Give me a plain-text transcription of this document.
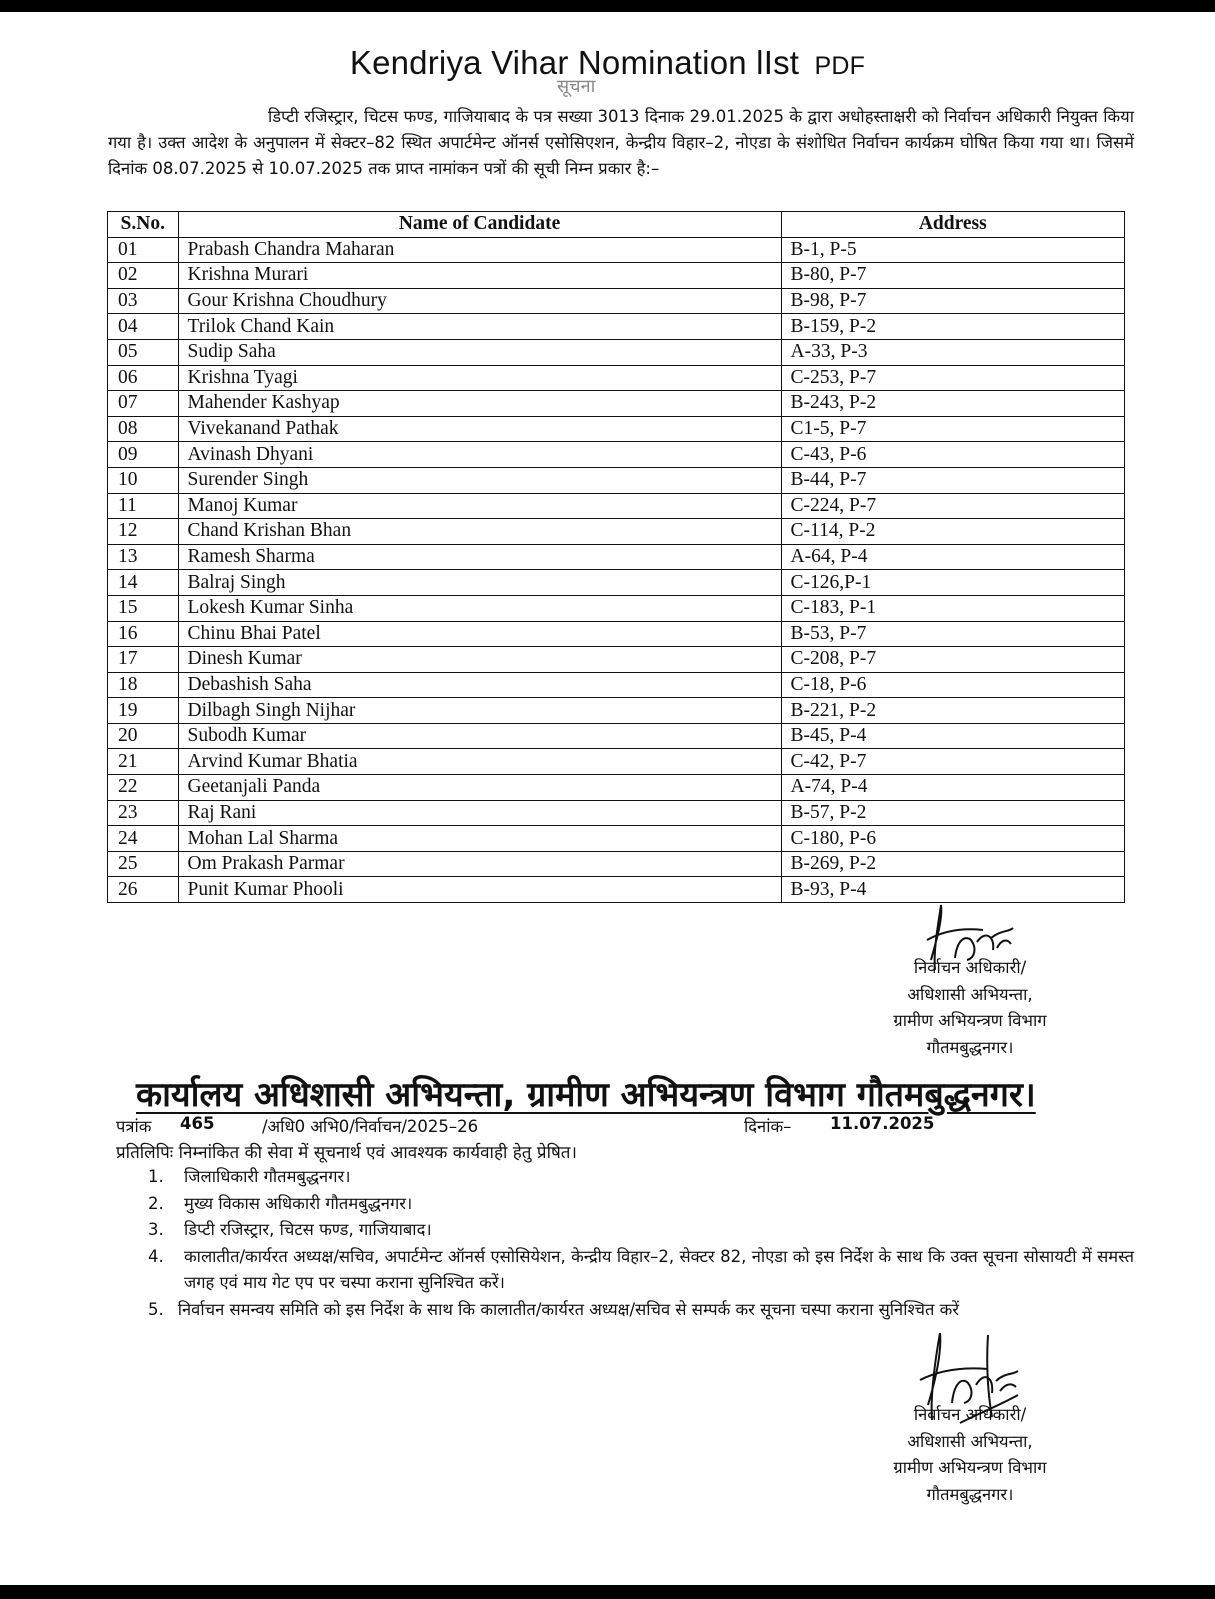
Kendriya Vihar Nomination lIst PDF
सूचना
डिप्टी रजिस्ट्रार, चिटस फण्ड, गाजियाबाद के पत्र सख्या 3013 दिनाक 29.01.2025 के द्वारा अधोहस्ताक्षरी को निर्वाचन अधिकारी नियुक्त किया गया है। उक्त आदेश के अनुपालन में सेक्टर–82 स्थित अपार्टमेन्ट ऑनर्स एसोसिएशन, केन्द्रीय विहार–2, नोएडा के संशोधित निर्वाचन कार्यक्रम घोषित किया गया था। जिसमें दिनांक 08.07.2025 से 10.07.2025 तक प्राप्त नामांकन पत्रों की सूची निम्न प्रकार है:–
S.No.	Name of Candidate	Address
01	Prabash Chandra Maharan	B-1, P-5
02	Krishna Murari	B-80, P-7
03	Gour Krishna Choudhury	B-98, P-7
04	Trilok Chand Kain	B-159, P-2
05	Sudip Saha	A-33, P-3
06	Krishna Tyagi	C-253, P-7
07	Mahender Kashyap	B-243, P-2
08	Vivekanand Pathak	C1-5, P-7
09	Avinash Dhyani	C-43, P-6
10	Surender Singh	B-44, P-7
11	Manoj Kumar	C-224, P-7
12	Chand Krishan Bhan	C-114, P-2
13	Ramesh Sharma	A-64, P-4
14	Balraj Singh	C-126,P-1
15	Lokesh Kumar Sinha	C-183, P-1
16	Chinu Bhai Patel	B-53, P-7
17	Dinesh Kumar	C-208, P-7
18	Debashish Saha	C-18, P-6
19	Dilbagh Singh Nijhar	B-221, P-2
20	Subodh Kumar	B-45, P-4
21	Arvind Kumar Bhatia	C-42, P-7
22	Geetanjali Panda	A-74, P-4
23	Raj Rani	B-57, P-2
24	Mohan Lal Sharma	C-180, P-6
25	Om Prakash Parmar	B-269, P-2
26	Punit Kumar Phooli	B-93, P-4
निर्वाचन अधिकारी/
अधिशासी अभियन्ता,
ग्रामीण अभियन्त्रण विभाग
गौतमबुद्धनगर।
कार्यालय अधिशासी अभियन्ता, ग्रामीण अभियन्त्रण विभाग गौतमबुद्धनगर।
पत्रांक 465	/अधि0 अभि0/निर्वाचन/2025–26	दिनांक– 11.07.2025
प्रतिलिपिः निम्नांकित की सेवा में सूचनार्थ एवं आवश्यक कार्यवाही हेतु प्रेषित।
1. जिलाधिकारी गौतमबुद्धनगर।
2. मुख्य विकास अधिकारी गौतमबुद्धनगर।
3. डिप्टी रजिस्ट्रार, चिटस फण्ड, गाजियाबाद।
4. कालातीत/कार्यरत अध्यक्ष/सचिव, अपार्टमेन्ट ऑनर्स एसोसियेशन, केन्द्रीय विहार–2, सेक्टर 82, नोएडा को इस निर्देश के साथ कि उक्त सूचना सोसायटी में समस्त जगह एवं माय गेट एप पर चस्पा कराना सुनिश्चित करें।
5. निर्वाचन समन्वय समिति को इस निर्देश के साथ कि कालातीत/कार्यरत अध्यक्ष/सचिव से सम्पर्क कर सूचना चस्पा कराना सुनिश्चित करें
निर्वाचन अधिकारी/
अधिशासी अभियन्ता,
ग्रामीण अभियन्त्रण विभाग
गौतमबुद्धनगर।
